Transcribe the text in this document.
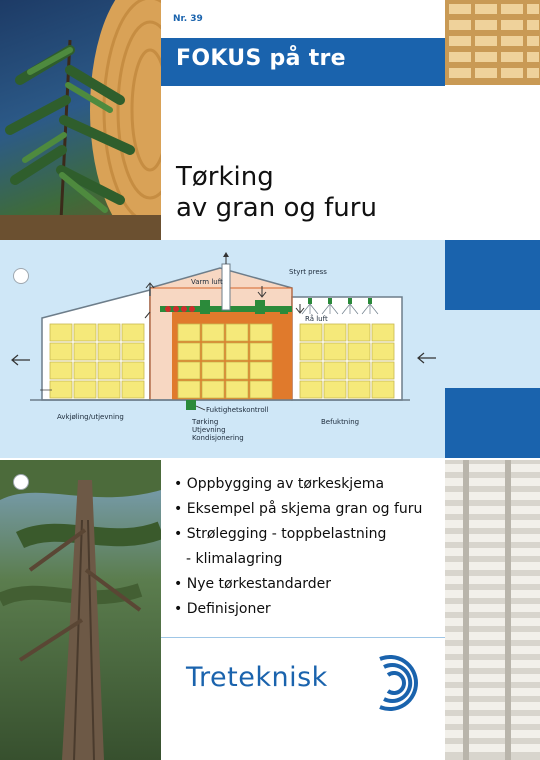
Nr. 39
FOKUS på tre
Tørking
av gran og furu
Varm luft
Styrt press
Rå luft
Fuktighetskontroll
Avkjøling/utjevning
Tørking
Utjevning
Kondisjonering
Befuktning
• Oppbygging av tørkeskjema
• Eksempel på skjema gran og furu
• Strølegging - toppbelastning
- klimalagring
• Nye tørkestandarder
• Definisjoner
Treteknisk
